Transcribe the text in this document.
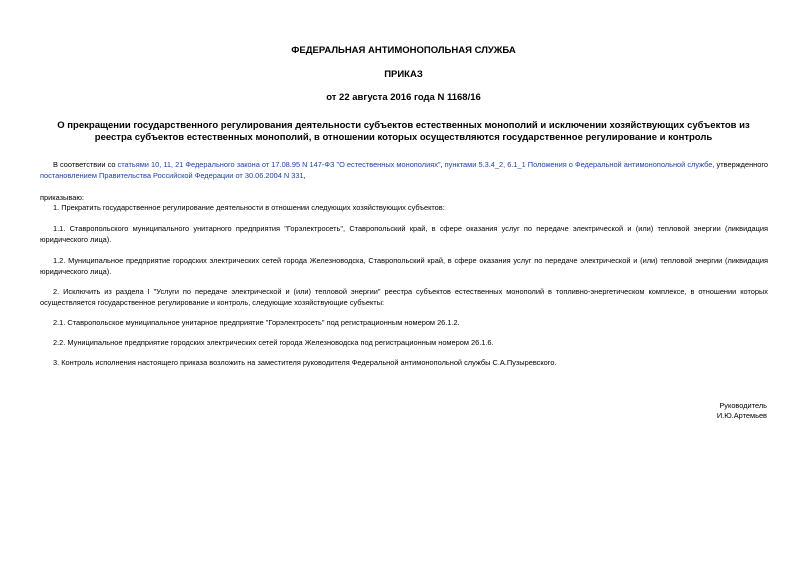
ФЕДЕРАЛЬНАЯ АНТИМОНОПОЛЬНАЯ СЛУЖБА
ПРИКАЗ
от 22 августа 2016 года N 1168/16
О прекращении государственного регулирования деятельности субъектов естественных монополий и исключении хозяйствующих субъектов из реестра субъектов естественных монополий, в отношении которых осуществляются государственное регулирование и контроль
В соответствии со статьями 10, 11, 21 Федерального закона от 17.08.95 N 147-ФЗ "О естественных монополиях", пунктами 5.3.4_2, 6.1_1 Положения о Федеральной антимонопольной службе, утвержденного постановлением Правительства Российской Федерации от 30.06.2004 N 331,
приказываю:
1. Прекратить государственное регулирование деятельности в отношении следующих хозяйствующих субъектов:
1.1. Ставропольского муниципального унитарного предприятия "Горэлектросеть", Ставропольский край, в сфере оказания услуг по передаче электрической и (или) тепловой энергии (ликвидация юридического лица).
1.2. Муниципальное предприятие городских электрических сетей города Железноводска, Ставропольский край, в сфере оказания услуг по передаче электрической и (или) тепловой энергии (ликвидация юридического лица).
2. Исключить из раздела I "Услуги по передаче электрической и (или) тепловой энергии" реестра субъектов естественных монополий в топливно-энергетическом комплексе, в отношении которых осуществляется государственное регулирование и контроль, следующие хозяйствующие субъекты:
2.1. Ставропольское муниципальное унитарное предприятие "Горэлектросеть" под регистрационным номером 26.1.2.
2.2. Муниципальное предприятие городских электрических сетей города Железноводска под регистрационным номером 26.1.6.
3. Контроль исполнения настоящего приказа возложить на заместителя руководителя Федеральной антимонопольной службы С.А.Пузыревского.
Руководитель
И.Ю.Артемьев
